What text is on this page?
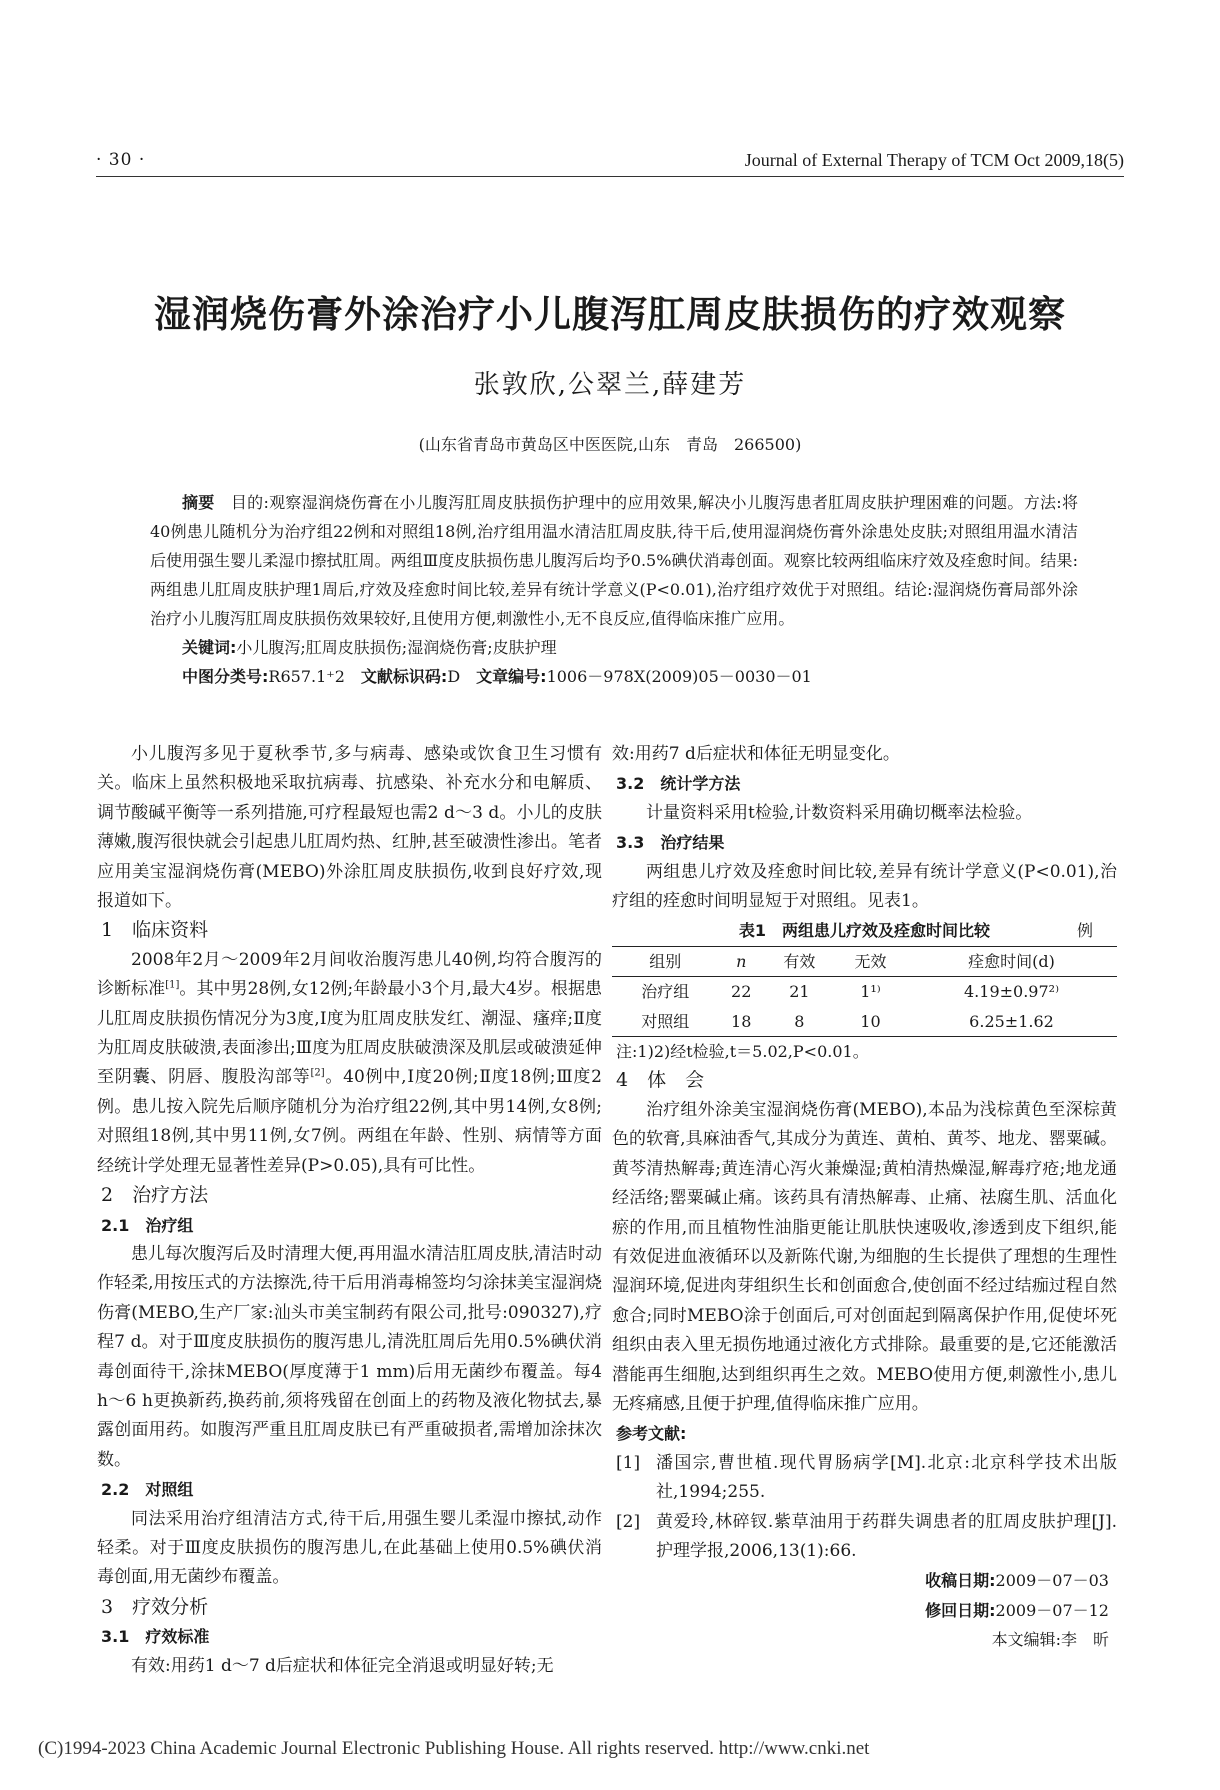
· 30 ·	Journal of External Therapy of TCM Oct 2009,18(5)
湿润烧伤膏外涂治疗小儿腹泻肛周皮肤损伤的疗效观察
张敦欣,公翠兰,薛建芳
(山东省青岛市黄岛区中医医院,山东　青岛　266500)

摘要　 目的:观察湿润烧伤膏在小儿腹泻肛周皮肤损伤护理中的应用效果,解决小儿腹泻患者肛周皮肤护理困难的问题。方法:将40例患儿随机分为治疗组22例和对照组18例,治疗组用温水清洁肛周皮肤,待干后,使用湿润烧伤膏外涂患处皮肤;对照组用温水清洁后使用强生婴儿柔湿巾擦拭肛周。两组Ⅲ度皮肤损伤患儿腹泻后均予0.5%碘伏消毒创面。观察比较两组临床疗效及痊愈时间。结果:两组患儿肛周皮肤护理1周后,疗效及痊愈时间比较,差异有统计学意义(P<0.01),治疗组疗效优于对照组。结论:湿润烧伤膏局部外涂治疗小儿腹泻肛周皮肤损伤效果较好,且使用方便,刺激性小,无不良反应,值得临床推广应用。

关键词:小儿腹泻;肛周皮肤损伤;湿润烧伤膏;皮肤护理

中图分类号:R657.1⁺2　 文献标识码:D　 文章编号:1006－978X(2009)05－0030－01

小儿腹泻多见于夏秋季节,多与病毒、感染或饮食卫生习惯有关。临床上虽然积极地采取抗病毒、抗感染、补充水分和电解质、调节酸碱平衡等一系列措施,可疗程最短也需2 d～3 d。小儿的皮肤薄嫩,腹泻很快就会引起患儿肛周灼热、红肿,甚至破溃性渗出。笔者应用美宝湿润烧伤膏(MEBO)外涂肛周皮肤损伤,收到良好疗效,现报道如下。

1　临床资料

2008年2月～2009年2月间收治腹泻患儿40例,均符合腹泻的诊断标准[1]。其中男28例,女12例;年龄最小3个月,最大4岁。根据患儿肛周皮肤损伤情况分为3度,Ⅰ度为肛周皮肤发红、潮湿、瘙痒;Ⅱ度为肛周皮肤破溃,表面渗出;Ⅲ度为肛周皮肤破溃深及肌层或破溃延伸至阴囊、阴唇、腹股沟部等[2]。40例中,Ⅰ度20例;Ⅱ度18例;Ⅲ度2例。患儿按入院先后顺序随机分为治疗组22例,其中男14例,女8例;对照组18例,其中男11例,女7例。两组在年龄、性别、病情等方面经统计学处理无显著性差异(P>0.05),具有可比性。

2　治疗方法

2.1　治疗组

患儿每次腹泻后及时清理大便,再用温水清洁肛周皮肤,清洁时动作轻柔,用按压式的方法擦洗,待干后用消毒棉签均匀涂抹美宝湿润烧伤膏(MEBO,生产厂家:汕头市美宝制药有限公司,批号:090327),疗程7 d。对于Ⅲ度皮肤损伤的腹泻患儿,清洗肛周后先用0.5%碘伏消毒创面待干,涂抹MEBO(厚度薄于1 mm)后用无菌纱布覆盖。每4 h～6 h更换新药,换药前,须将残留在创面上的药物及液化物拭去,暴露创面用药。如腹泻严重且肛周皮肤已有严重破损者,需增加涂抹次数。

2.2　对照组

同法采用治疗组清洁方式,待干后,用强生婴儿柔湿巾擦拭,动作轻柔。对于Ⅲ度皮肤损伤的腹泻患儿,在此基础上使用0.5%碘伏消毒创面,用无菌纱布覆盖。

3　疗效分析

3.1　疗效标准

有效:用药1 d～7 d后症状和体征完全消退或明显好转;无

效:用药7 d后症状和体征无明显变化。

3.2　统计学方法

计量资料采用t检验,计数资料采用确切概率法检验。

3.3　治疗结果

两组患儿疗效及痊愈时间比较,差异有统计学意义(P<0.01),治疗组的痊愈时间明显短于对照组。见表1。

表1　两组患儿疗效及痊愈时间比较	例
组别	n	有效	无效	痊愈时间(d)
治疗组	22	21	1¹⁾	4.19±0.97²⁾
对照组	18	8	10	6.25±1.62
注:1)2)经t检验,t＝5.02,P<0.01。

4　体　会

治疗组外涂美宝湿润烧伤膏(MEBO),本品为浅棕黄色至深棕黄色的软膏,具麻油香气,其成分为黄连、黄柏、黄芩、地龙、罂粟碱。黄芩清热解毒;黄连清心泻火兼燥湿;黄柏清热燥湿,解毒疗疮;地龙通经活络;罂粟碱止痛。该药具有清热解毒、止痛、祛腐生肌、活血化瘀的作用,而且植物性油脂更能让肌肤快速吸收,渗透到皮下组织,能有效促进血液循环以及新陈代谢,为细胞的生长提供了理想的生理性湿润环境,促进肉芽组织生长和创面愈合,使创面不经过结痂过程自然愈合;同时MEBO涂于创面后,可对创面起到隔离保护作用,促使坏死组织由表入里无损伤地通过液化方式排除。最重要的是,它还能激活潜能再生细胞,达到组织再生之效。MEBO使用方便,刺激性小,患儿无疼痛感,且便于护理,值得临床推广应用。

参考文献:

[1] 潘国宗,曹世植.现代胃肠病学[M].北京:北京科学技术出版社,1994;255.
[2] 黄爱玲,林碎钗.紫草油用于药群失调患者的肛周皮肤护理[J].护理学报,2006,13(1):66.
收稿日期:2009－07－03
修回日期:2009－07－12
本文编辑:李　昕
(C)1994-2023 China Academic Journal Electronic Publishing House. All rights reserved. http://www.cnki.net
